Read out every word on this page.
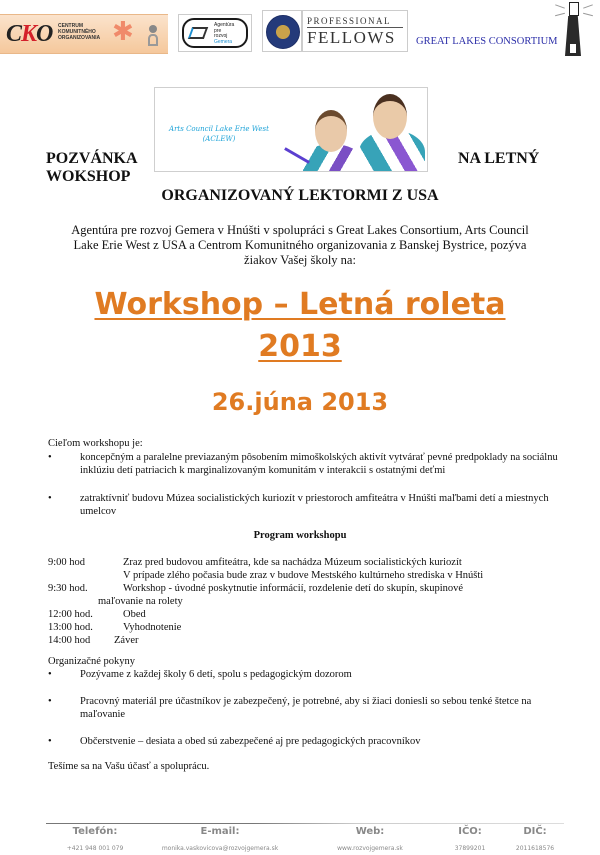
CKO CENTRUM
KOMUNITNÉHO
ORGANIZOVANIA ✱	Agentúra
pre
rozvoj
Gemera
PROFESSIONAL
FELLOWS GREAT LAKES CONSORTIUM
POZVÁNKA
WOKSHOP
Arts Council Lake Erie West
(ACLEW)
NA LETNÝ
ORGANIZOVANÝ LEKTORMI Z USA
Agentúra pre rozvoj Gemera v Hnúšti v spolupráci s Great Lakes Consortium, Arts Council Lake Erie West z USA a Centrom Komunitného organizovania z Banskej Bystrice, pozýva žiakov Vašej školy na:
Workshop – Letná roleta
2013
26.júna 2013
Cieľom workshopu je:
•	koncepčným a paralelne previazaným pôsobením mimoškolských aktivít vytvárať pevné predpoklady na sociálnu
inklúziu detí patriacich k marginalizovaným komunitám v interakcii s ostatnými deťmi
•	zatraktívniť budovu Múzea socialistických kuriozít v priestoroch amfiteátra v Hnúšti maľbami detí a miestnych
umelcov
Program workshopu
9:00 hod	Zraz pred budovou amfiteátra, kde sa nachádza Múzeum socialistických kuriozít
V prípade zlého počasia bude zraz v budove Mestského kultúrneho strediska v Hnúšti
9:30 hod.	Workshop - úvodné poskytnutie informácií, rozdelenie detí do skupín, skupinové
maľovanie na rolety
12:00 hod.	Obed
13:00 hod.	Vyhodnotenie
14:00 hod Záver
Organizačné pokyny
•	Pozývame z každej školy 6 detí, spolu s pedagogickým dozorom
•	Pracovný materiál pre účastníkov je zabezpečený, je potrebné, aby si žiaci doniesli so sebou tenké štetce na
maľovanie
•	Občerstvenie – desiata a obed sú zabezpečené aj pre pedagogických pracovníkov
Tešíme sa na Vašu účasť a spoluprácu.
Telefón:
+421 948 001 079
E-mail:
monika.vaskovicova@rozvojgemera.sk
Web:
www.rozvojgemera.sk
IČO:
37899201
DIČ:
2011618576
